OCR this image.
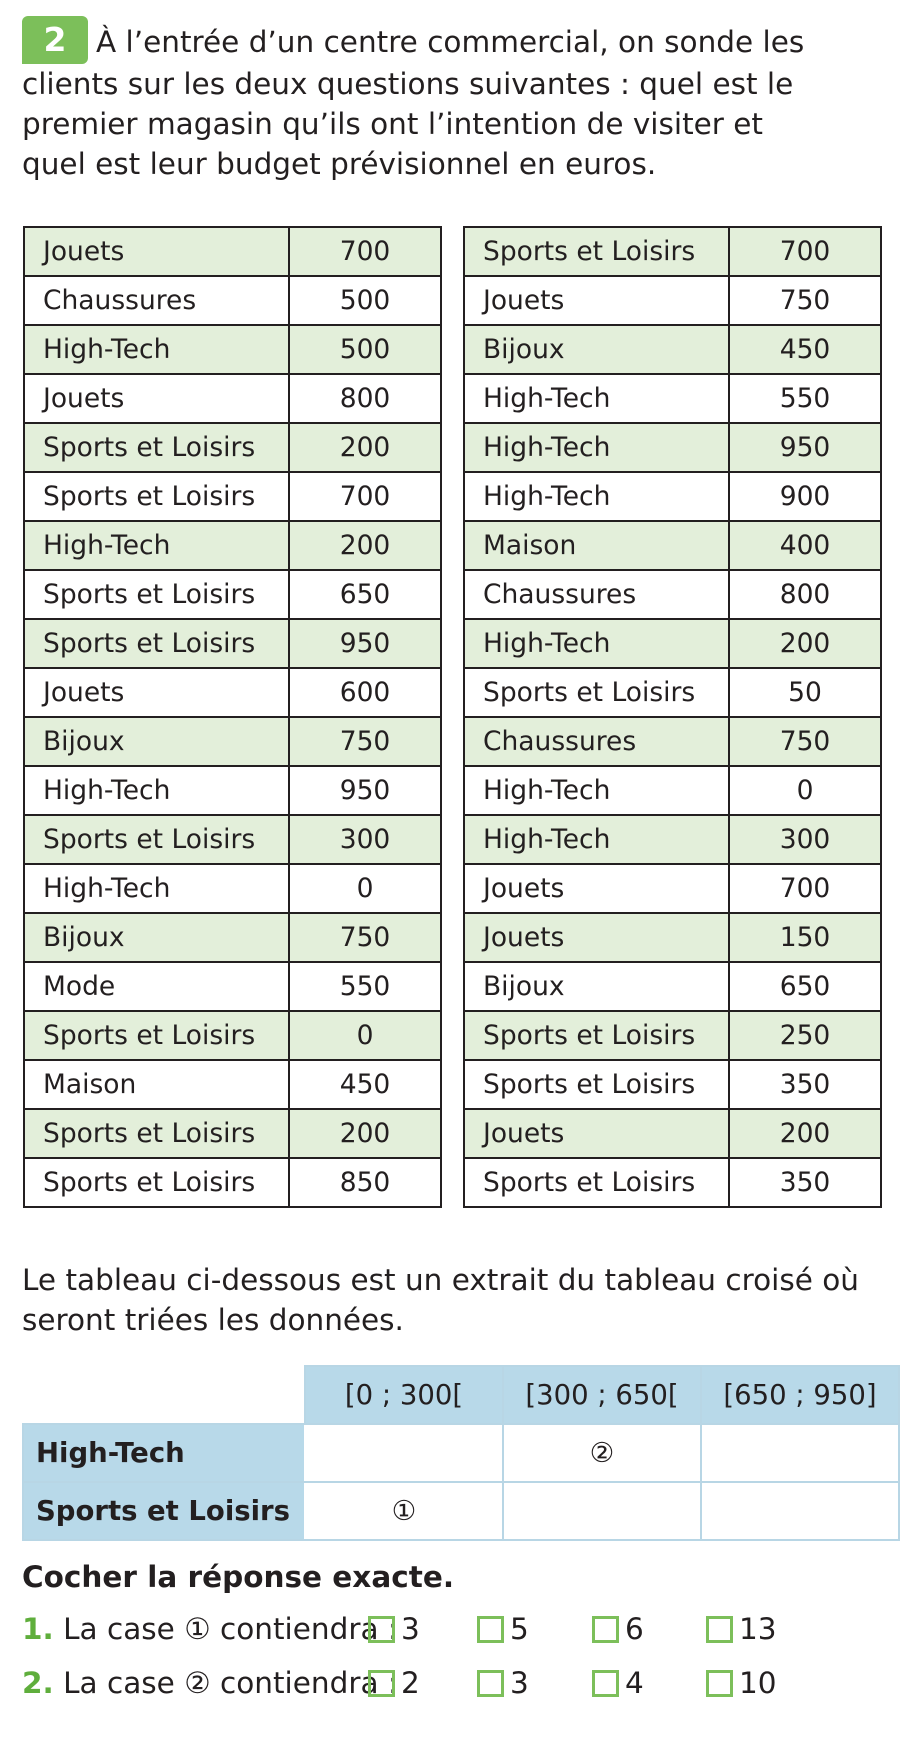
2 À l’entrée d’un centre commercial, on sonde les clients sur les deux questions suivantes : quel est le premier magasin qu’ils ont l’intention de visiter et quel est leur budget prévisionnel en euros.
Jouets	700
Chaussures	500
High-Tech	500
Jouets	800
Sports et Loisirs	200
Sports et Loisirs	700
High-Tech	200
Sports et Loisirs	650
Sports et Loisirs	950
Jouets	600
Bijoux	750
High-Tech	950
Sports et Loisirs	300
High-Tech	0
Bijoux	750
Mode	550
Sports et Loisirs	0
Maison	450
Sports et Loisirs	200
Sports et Loisirs	850
Sports et Loisirs	700
Jouets	750
Bijoux	450
High-Tech	550
High-Tech	950
High-Tech	900
Maison	400
Chaussures	800
High-Tech	200
Sports et Loisirs	50
Chaussures	750
High-Tech	0
High-Tech	300
Jouets	700
Jouets	150
Bijoux	650
Sports et Loisirs	250
Sports et Loisirs	350
Jouets	200
Sports et Loisirs	350
Le tableau ci-dessous est un extrait du tableau croisé où seront triées les données.
	[0 ; 300[	[300 ; 650[	[650 ; 950]
High-Tech		②	
Sports et Loisirs	①		
Cocher la réponse exacte.
1. La case ① contiendra : 3	5	6	13
2. La case ② contiendra : 2	3	4	10
